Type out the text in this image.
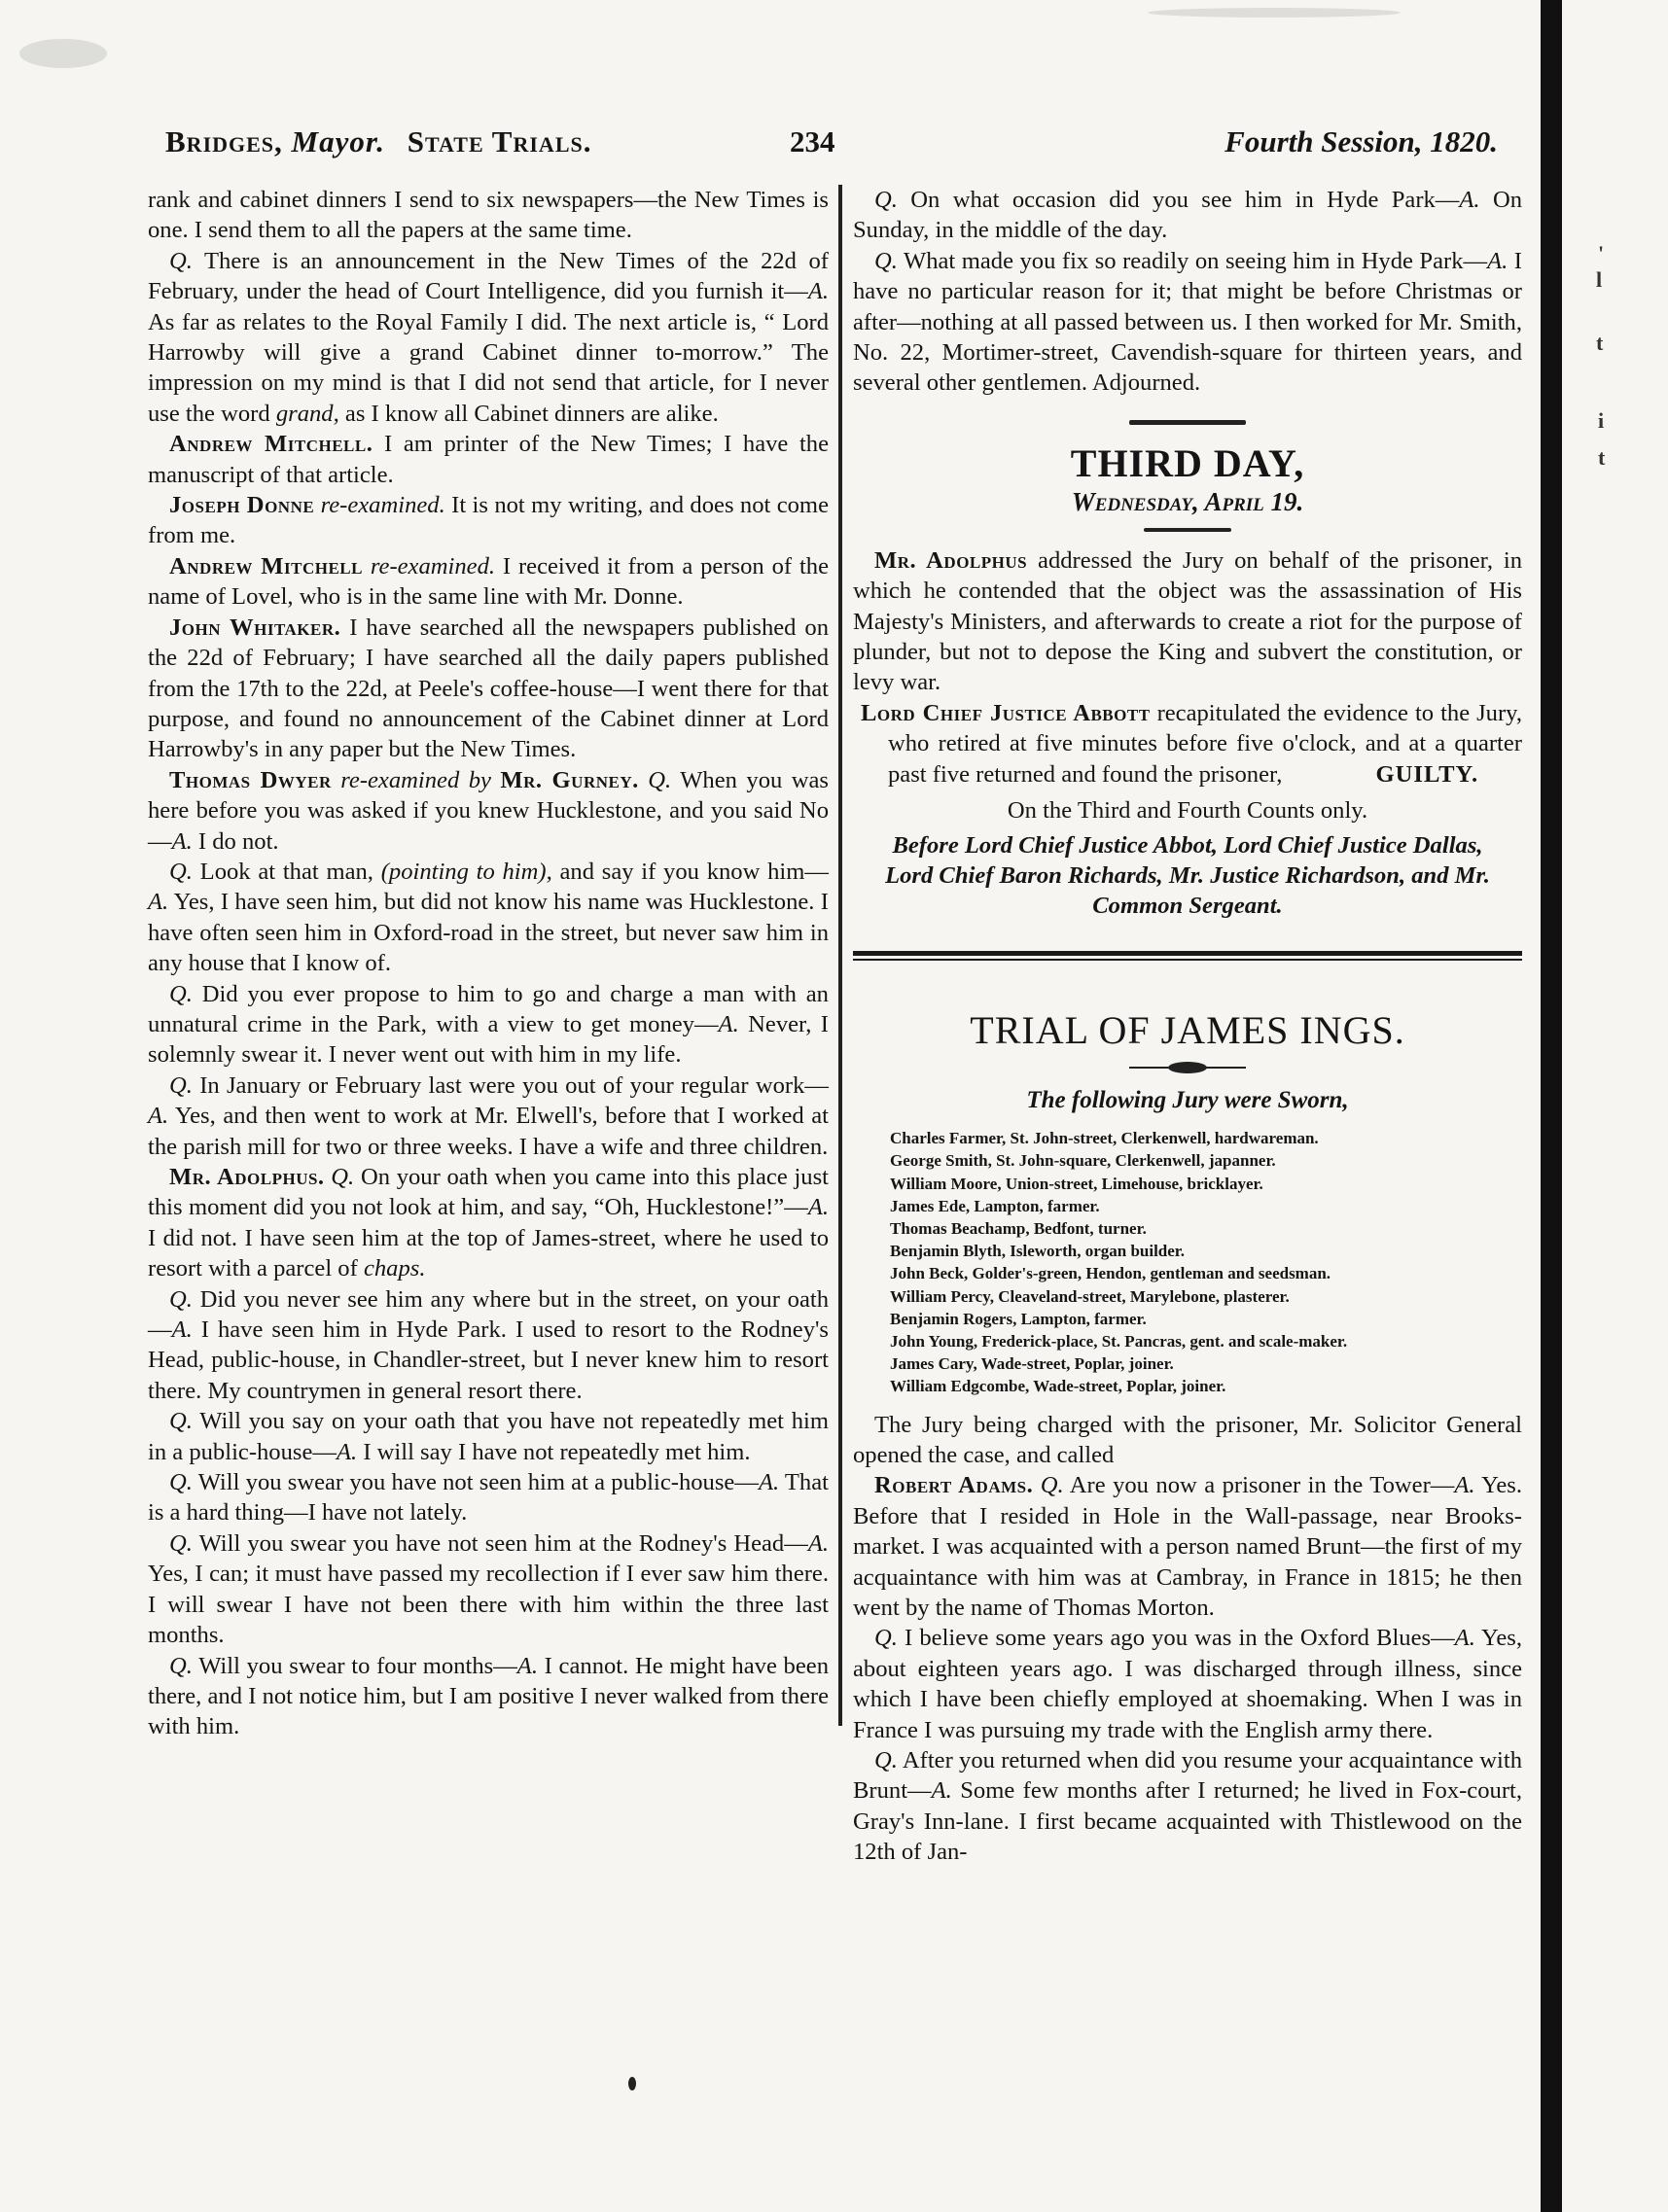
'
l
t
i
t
Bridges, Mayor. State Trials.	234	Fourth Session, 1820.

rank and cabinet dinners I send to six newspapers—the New Times is one. I send them to all the papers at the same time.

Q. There is an announcement in the New Times of the 22d of February, under the head of Court Intelligence, did you furnish it—A. As far as relates to the Royal Family I did. The next article is, “ Lord Harrowby will give a grand Cabinet dinner to-morrow.” The impression on my mind is that I did not send that article, for I never use the word grand, as I know all Cabinet dinners are alike.

Andrew Mitchell. I am printer of the New Times; I have the manuscript of that article.

Joseph Donne re-examined. It is not my writing, and does not come from me.

Andrew Mitchell re-examined. I received it from a person of the name of Lovel, who is in the same line with Mr. Donne.

John Whitaker. I have searched all the newspapers published on the 22d of February; I have searched all the daily papers published from the 17th to the 22d, at Peele's coffee-house—I went there for that purpose, and found no announcement of the Cabinet dinner at Lord Harrowby's in any paper but the New Times.

Thomas Dwyer re-examined by Mr. Gurney. Q. When you was here before you was asked if you knew Hucklestone, and you said No—A. I do not.

Q. Look at that man, (pointing to him), and say if you know him—A. Yes, I have seen him, but did not know his name was Hucklestone. I have often seen him in Oxford-road in the street, but never saw him in any house that I know of.

Q. Did you ever propose to him to go and charge a man with an unnatural crime in the Park, with a view to get money—A. Never, I solemnly swear it. I never went out with him in my life.

Q. In January or February last were you out of your regular work—A. Yes, and then went to work at Mr. Elwell's, before that I worked at the parish mill for two or three weeks. I have a wife and three children.

Mr. Adolphus. Q. On your oath when you came into this place just this moment did you not look at him, and say, “Oh, Hucklestone!”—A. I did not. I have seen him at the top of James-street, where he used to resort with a parcel of chaps.

Q. Did you never see him any where but in the street, on your oath—A. I have seen him in Hyde Park. I used to resort to the Rodney's Head, public-house, in Chandler-street, but I never knew him to resort there. My countrymen in general resort there.

Q. Will you say on your oath that you have not repeatedly met him in a public-house—A. I will say I have not repeatedly met him.

Q. Will you swear you have not seen him at a public-house—A. That is a hard thing—I have not lately.

Q. Will you swear you have not seen him at the Rodney's Head—A. Yes, I can; it must have passed my recollection if I ever saw him there. I will swear I have not been there with him within the three last months.

Q. Will you swear to four months—A. I cannot. He might have been there, and I not notice him, but I am positive I never walked from there with him.

Q. On what occasion did you see him in Hyde Park—A. On Sunday, in the middle of the day.

Q. What made you fix so readily on seeing him in Hyde Park—A. I have no particular reason for it; that might be before Christmas or after—nothing at all passed between us. I then worked for Mr. Smith, No. 22, Mortimer-street, Cavendish-square for thirteen years, and several other gentlemen. Adjourned.

THIRD DAY,
Wednesday, April 19.

Mr. Adolphus addressed the Jury on behalf of the prisoner, in which he contended that the object was the assassination of His Majesty's Ministers, and afterwards to create a riot for the purpose of plunder, but not to depose the King and subvert the constitution, or levy war.

Lord Chief Justice Abbott recapitulated the evidence to the Jury, who retired at five minutes before five o'clock, and at a quarter past five returned and found the prisoner,	GUILTY.

On the Third and Fourth Counts only.
Before Lord Chief Justice Abbot, Lord Chief Justice Dallas, Lord Chief Baron Richards, Mr. Justice Richardson, and Mr. Common Sergeant.
TRIAL OF JAMES INGS.
The following Jury were Sworn,
Charles Farmer, St. John-street, Clerkenwell, hardwareman.
George Smith, St. John-square, Clerkenwell, japanner.
William Moore, Union-street, Limehouse, bricklayer.
James Ede, Lampton, farmer.
Thomas Beachamp, Bedfont, turner.
Benjamin Blyth, Isleworth, organ builder.
John Beck, Golder's-green, Hendon, gentleman and seedsman.
William Percy, Cleaveland-street, Marylebone, plasterer.
Benjamin Rogers, Lampton, farmer.
John Young, Frederick-place, St. Pancras, gent. and scale-maker.
James Cary, Wade-street, Poplar, joiner.
William Edgcombe, Wade-street, Poplar, joiner.

The Jury being charged with the prisoner, Mr. Solicitor General opened the case, and called

Robert Adams. Q. Are you now a prisoner in the Tower—A. Yes. Before that I resided in Hole in the Wall-passage, near Brooks-market. I was acquainted with a person named Brunt—the first of my acquaintance with him was at Cambray, in France in 1815; he then went by the name of Thomas Morton.

Q. I believe some years ago you was in the Oxford Blues—A. Yes, about eighteen years ago. I was discharged through illness, since which I have been chiefly employed at shoemaking. When I was in France I was pursuing my trade with the English army there.

Q. After you returned when did you resume your acquaintance with Brunt—A. Some few months after I returned; he lived in Fox-court, Gray's Inn-lane. I first became acquainted with Thistlewood on the 12th of Jan-
